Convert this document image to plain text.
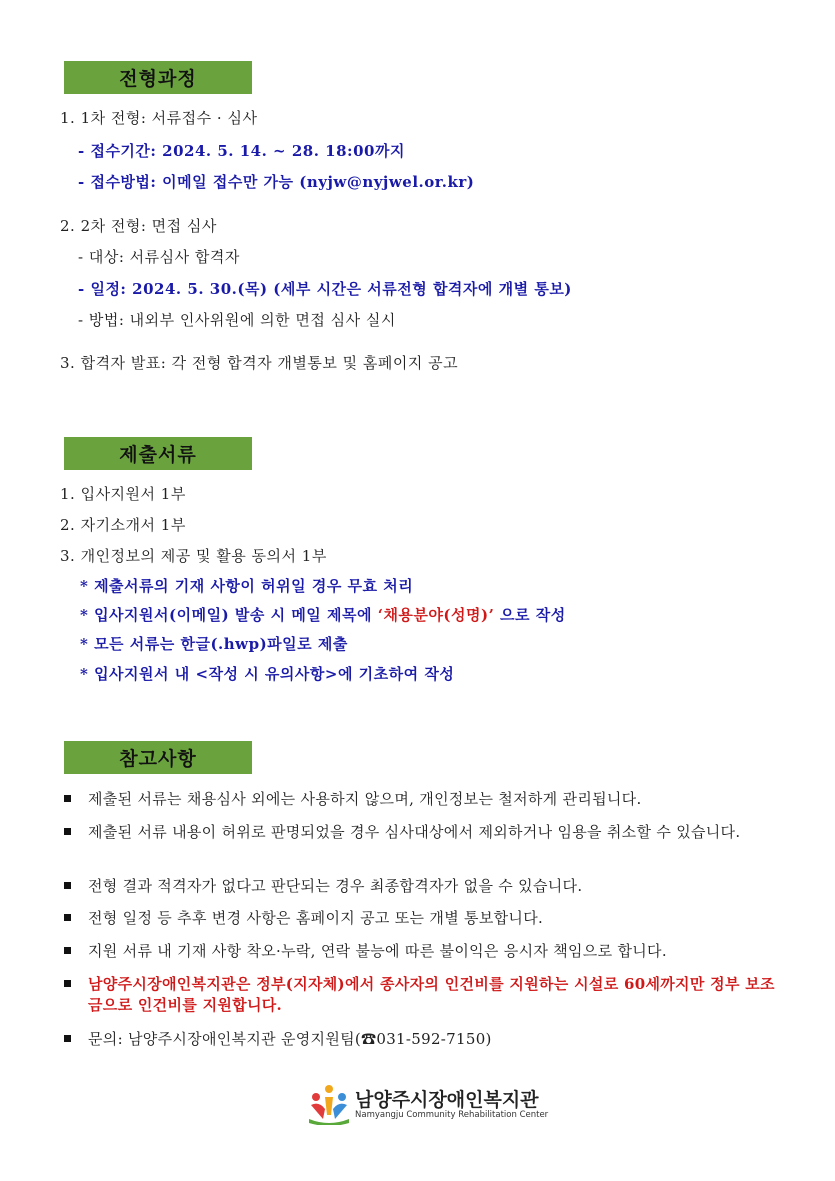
전형과정
1. 1차 전형: 서류접수 · 심사
- 접수기간: 2024. 5. 14. ~ 28. 18:00까지
- 접수방법: 이메일 접수만 가능 (nyjw@nyjwel.or.kr)
2. 2차 전형: 면접 심사
- 대상: 서류심사 합격자
- 일정: 2024. 5. 30.(목) (세부 시간은 서류전형 합격자에 개별 통보)
- 방법: 내외부 인사위원에 의한 면접 심사 실시
3. 합격자 발표: 각 전형 합격자 개별통보 및 홈페이지 공고
제출서류
1. 입사지원서 1부
2. 자기소개서 1부
3. 개인정보의 제공 및 활용 동의서 1부
* 제출서류의 기재 사항이 허위일 경우 무효 처리
* 입사지원서(이메일) 발송 시 메일 제목에 ‘채용분야(성명)’ 으로 작성
* 모든 서류는 한글(.hwp)파일로 제출
* 입사지원서 내 <작성 시 유의사항>에 기초하여 작성
참고사항
제출된 서류는 채용심사 외에는 사용하지 않으며, 개인정보는 철저하게 관리됩니다.
제출된 서류 내용이 허위로 판명되었을 경우 심사대상에서 제외하거나 임용을 취소할 수 있습니다.
전형 결과 적격자가 없다고 판단되는 경우 최종합격자가 없을 수 있습니다.
전형 일정 등 추후 변경 사항은 홈페이지 공고 또는 개별 통보합니다.
지원 서류 내 기재 사항 착오·누락, 연락 불능에 따른 불이익은 응시자 책임으로 합니다.
남양주시장애인복지관은 정부(지자체)에서 종사자의 인건비를 지원하는 시설로 60세까지만 정부 보조금으로 인건비를 지원합니다.
문의: 남양주시장애인복지관 운영지원팀(☎031-592-7150)
남양주시장애인복지관
Namyangju Community Rehabilitation Center
